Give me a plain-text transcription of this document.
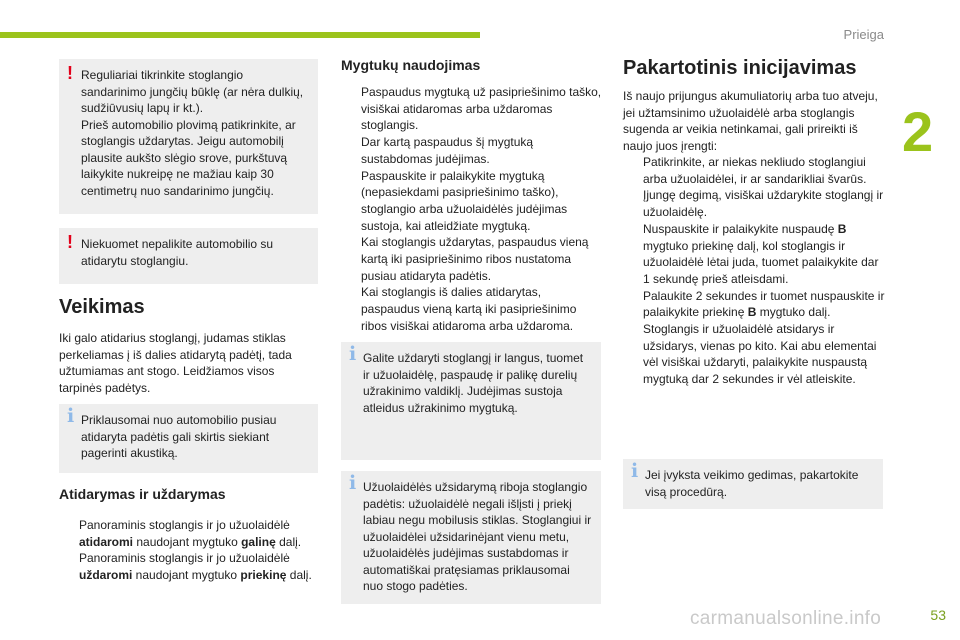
Prieiga
2
53
carmanualsonline.info
! Reguliariai tikrinkite stoglangio sandarinimo jungčių būklę (ar nėra dulkių, sudžiūvusių lapų ir kt.).
Prieš automobilio plovimą patikrinkite, ar stoglangis uždarytas. Jeigu automobilį plausite aukšto slėgio srove, purkštuvą laikykite nukreipę ne mažiau kaip 30 centimetrų nuo sandarinimo jungčių.
! Niekuomet nepalikite automobilio su atidarytu stoglangiu.
Veikimas

Iki galo atidarius stoglangį, judamas stiklas perkeliamas į iš dalies atidarytą padėtį, tada užtumiamas ant stogo. Leidžiamos visos tarpinės padėtys.

i Priklausomai nuo automobilio pusiau atidaryta padėtis gali skirtis siekiant pagerinti akustiką.
Atidarymas ir uždarymas
Panoraminis stoglangis ir jo užuolaidėlė atidaromi naudojant mygtuko galinę dalį.
Panoraminis stoglangis ir jo užuolaidėlė uždaromi naudojant mygtuko priekinę dalį.
Mygtukų naudojimas
Paspaudus mygtuką už pasipriešinimo taško, visiškai atidaromas arba uždaromas stoglangis.
Dar kartą paspaudus šį mygtuką sustabdomas judėjimas.
Paspauskite ir palaikykite mygtuką (nepasiekdami pasipriešinimo taško), stoglangio arba užuolaidėlės judėjimas sustoja, kai atleidžiate mygtuką.
Kai stoglangis uždarytas, paspaudus vieną kartą iki pasipriešinimo ribos nustatoma pusiau atidaryta padėtis.
Kai stoglangis iš dalies atidarytas, paspaudus vieną kartą iki pasipriešinimo ribos visiškai atidaroma arba uždaroma.
i Galite uždaryti stoglangį ir langus, tuomet ir užuolaidėlę, paspaudę ir palikę durelių užrakinimo valdiklį. Judėjimas sustoja atleidus užrakinimo mygtuką.
i Užuolaidėlės užsidarymą riboja stoglangio padėtis: užuolaidėlė negali išlįsti į priekį labiau negu mobilusis stiklas. Stoglangiui ir užuolaidėlei užsidarinėjant vienu metu, užuolaidėlės judėjimas sustabdomas ir automatiškai pratęsiamas priklausomai nuo stogo padėties.
Pakartotinis inicijavimas

Iš naujo prijungus akumuliatorių arba tuo atveju, jei užtamsinimo užuolaidėlė arba stoglangis sugenda ar veikia netinkamai, gali prireikti iš naujo juos įrengti:

Patikrinkite, ar niekas nekliudo stoglangiui arba užuolaidėlei, ir ar sandarikliai švarūs.
Įjungę degimą, visiškai uždarykite stoglangį ir užuolaidėlę.
Nuspauskite ir palaikykite nuspaudę B mygtuko priekinę dalį, kol stoglangis ir užuolaidėlė lėtai juda, tuomet palaikykite dar 1 sekundę prieš atleisdami.
Palaukite 2 sekundes ir tuomet nuspauskite ir palaikykite priekinę B mygtuko dalį. Stoglangis ir užuolaidėlė atsidarys ir užsidarys, vienas po kito. Kai abu elementai vėl visiškai uždaryti, palaikykite nuspaustą mygtuką dar 2 sekundes ir vėl atleiskite.
i Jei įvyksta veikimo gedimas, pakartokite visą procedūrą.
